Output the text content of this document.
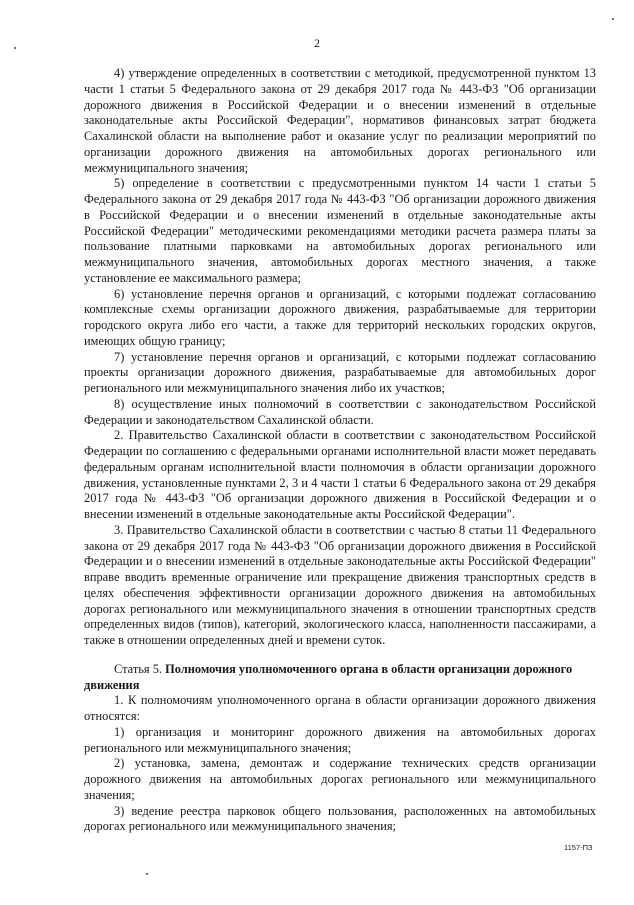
2

4) утверждение определенных в соответствии с методикой, предусмотренной пунктом 13 части 1 статьи 5 Федерального закона от 29 декабря 2017 года № 443-ФЗ "Об организации дорожного движения в Российской Федерации и о внесении изменений в отдельные законодательные акты Российской Федерации", нормативов финансовых затрат бюджета Сахалинской области на выполнение работ и оказание услуг по реализации мероприятий по организации дорожного движения на автомобильных дорогах регионального или межмуниципального значения;

5) определение в соответствии с предусмотренными пунктом 14 части 1 статьи 5 Федерального закона от 29 декабря 2017 года № 443-ФЗ "Об организации дорожного движения в Российской Федерации и о внесении изменений в отдельные законодательные акты Российской Федерации" методическими рекомендациями методики расчета размера платы за пользование платными парковками на автомобильных дорогах регионального или межмуниципального значения, автомобильных дорогах местного значения, а также установление ее максимального размера;

6) установление перечня органов и организаций, с которыми подлежат согласованию комплексные схемы организации дорожного движения, разрабатываемые для территории городского округа либо его части, а также для территорий нескольких городских округов, имеющих общую границу;

7) установление перечня органов и организаций, с которыми подлежат согласованию проекты организации дорожного движения, разрабатываемые для автомобильных дорог регионального или межмуниципального значения либо их участков;

8) осуществление иных полномочий в соответствии с законодательством Российской Федерации и законодательством Сахалинской области.

2. Правительство Сахалинской области в соответствии с законодательством Российской Федерации по соглашению с федеральными органами исполнительной власти может передавать федеральным органам исполнительной власти полномочия в области организации дорожного движения, установленные пунктами 2, 3 и 4 части 1 статьи 6 Федерального закона от 29 декабря 2017 года № 443-ФЗ "Об организации дорожного движения в Российской Федерации и о внесении изменений в отдельные законодательные акты Российской Федерации".

3. Правительство Сахалинской области в соответствии с частью 8 статьи 11 Федерального закона от 29 декабря 2017 года № 443-ФЗ "Об организации дорожного движения в Российской Федерации и о внесении изменений в отдельные законодательные акты Российской Федерации" вправе вводить временные ограничение или прекращение движения транспортных средств в целях обеспечения эффективности организации дорожного движения на автомобильных дорогах регионального или межмуниципального значения в отношении транспортных средств определенных видов (типов), категорий, экологического класса, наполненности пассажирами, а также в отношении определенных дней и времени суток.

Статья 5. Полномочия уполномоченного органа в области организации дорожного движения

1. К полномочиям уполномоченного органа в области организации дорожного движения относятся:

1) организация и мониторинг дорожного движения на автомобильных дорогах регионального или межмуниципального значения;

2) установка, замена, демонтаж и содержание технических средств организации дорожного движения на автомобильных дорогах регионального или межмуниципального значения;

3) ведение реестра парковок общего пользования, расположенных на автомобильных дорогах регионального или межмуниципального значения;

1157-ПЗ
